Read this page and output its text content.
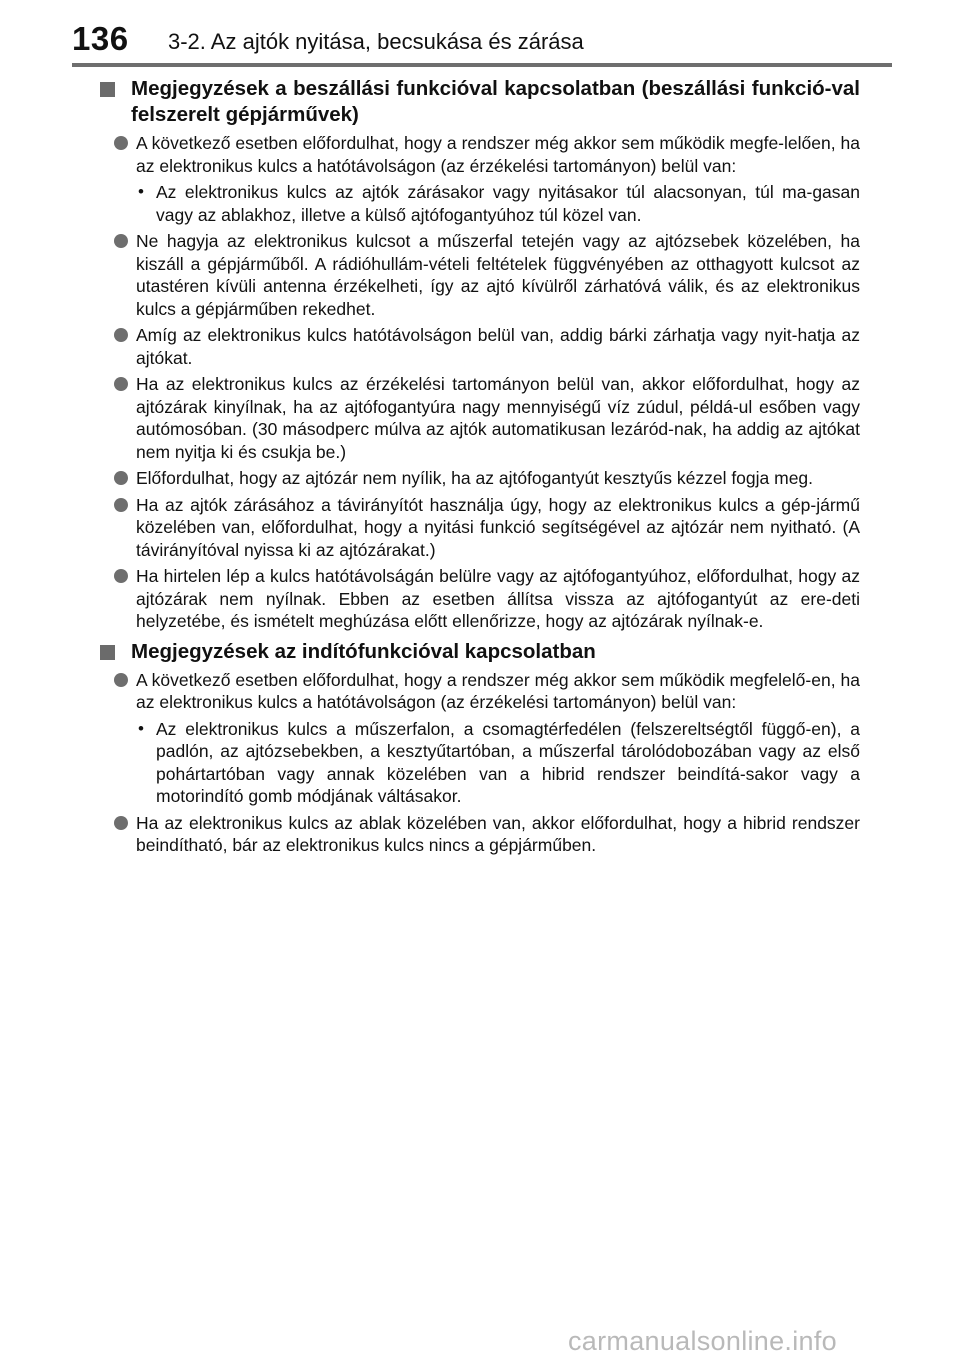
136 3-2. Az ajtók nyitása, becsukása és zárása
Megjegyzések a beszállási funkcióval kapcsolatban (beszállási funkció-val felszerelt gépjárművek)
A következő esetben előfordulhat, hogy a rendszer még akkor sem működik megfe-lelően, ha az elektronikus kulcs a hatótávolságon (az érzékelési tartományon) belül van:
• Az elektronikus kulcs az ajtók zárásakor vagy nyitásakor túl alacsonyan, túl ma-gasan vagy az ablakhoz, illetve a külső ajtófogantyúhoz túl közel van.
Ne hagyja az elektronikus kulcsot a műszerfal tetején vagy az ajtózsebek közelében, ha kiszáll a gépjárműből. A rádióhullám-vételi feltételek függvényében az otthagyott kulcsot az utastéren kívüli antenna érzékelheti, így az ajtó kívülről zárhatóvá válik, és az elektronikus kulcs a gépjárműben rekedhet.
Amíg az elektronikus kulcs hatótávolságon belül van, addig bárki zárhatja vagy nyit-hatja az ajtókat.
Ha az elektronikus kulcs az érzékelési tartományon belül van, akkor előfordulhat, hogy az ajtózárak kinyílnak, ha az ajtófogantyúra nagy mennyiségű víz zúdul, példá-ul esőben vagy autómosóban. (30 másodperc múlva az ajtók automatikusan lezáród-nak, ha addig az ajtókat nem nyitja ki és csukja be.)
Előfordulhat, hogy az ajtózár nem nyílik, ha az ajtófogantyút kesztyűs kézzel fogja meg.
Ha az ajtók zárásához a távirányítót használja úgy, hogy az elektronikus kulcs a gép-jármű közelében van, előfordulhat, hogy a nyitási funkció segítségével az ajtózár nem nyitható. (A távirányítóval nyissa ki az ajtózárakat.)
Ha hirtelen lép a kulcs hatótávolságán belülre vagy az ajtófogantyúhoz, előfordulhat, hogy az ajtózárak nem nyílnak. Ebben az esetben állítsa vissza az ajtófogantyút az ere-deti helyzetébe, és ismételt meghúzása előtt ellenőrizze, hogy az ajtózárak nyílnak-e.
Megjegyzések az indítófunkcióval kapcsolatban
A következő esetben előfordulhat, hogy a rendszer még akkor sem működik megfelelő-en, ha az elektronikus kulcs a hatótávolságon (az érzékelési tartományon) belül van:
• Az elektronikus kulcs a műszerfalon, a csomagtérfedélen (felszereltségtől függő-en), a padlón, az ajtózsebekben, a kesztyűtartóban, a műszerfal tárolódobozában vagy az első pohártartóban vagy annak közelében van a hibrid rendszer beindítá-sakor vagy a motorindító gomb módjának váltásakor.
Ha az elektronikus kulcs az ablak közelében van, akkor előfordulhat, hogy a hibrid rendszer beindítható, bár az elektronikus kulcs nincs a gépjárműben.
carmanualsonline.info
